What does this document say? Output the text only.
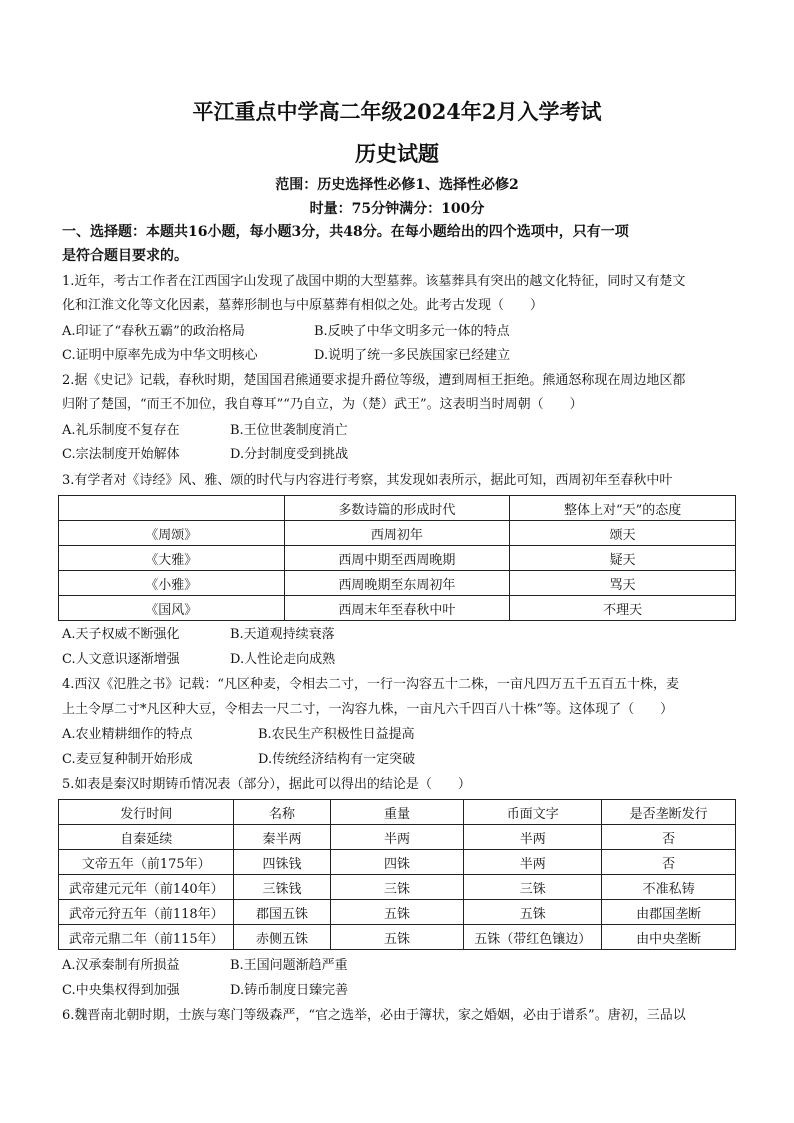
平江重点中学高二年级2024年2月入学考试
历史试题
范围：历史选择性必修1、选择性必修2
时量：75分钟满分：100分
一、选择题：本题共16小题，每小题3分，共48分。在每小题给出的四个选项中，只有一项
是符合题目要求的。
1.近年，考古工作者在江西国字山发现了战国中期的大型墓葬。该墓葬具有突出的越文化特征，同时又有楚文
化和江淮文化等文化因素，墓葬形制也与中原墓葬有相似之处。此考古发现（　　）
A.印证了“春秋五霸”的政治格局	B.反映了中华文明多元一体的特点
C.证明中原率先成为中华文明核心	D.说明了统一多民族国家已经建立
2.据《史记》记载，春秋时期，楚国国君熊通要求提升爵位等级，遭到周桓王拒绝。熊通怒称现在周边地区都
归附了楚国，“而王不加位，我自尊耳”“乃自立，为（楚）武王”。这表明当时周朝（　　）
A.礼乐制度不复存在	B.王位世袭制度消亡
C.宗法制度开始解体	D.分封制度受到挑战
3.有学者对《诗经》风、雅、颂的时代与内容进行考察，其发现如表所示，据此可知，西周初年至春秋中叶
	多数诗篇的形成时代	整体上对“天”的态度
《周颂》	西周初年	颂天
《大雅》	西周中期至西周晚期	疑天
《小雅》	西周晚期至东周初年	骂天
《国风》	西周末年至春秋中叶	不理天
A.天子权威不断强化	B.天道观持续衰落
C.人文意识逐渐增强	D.人性论走向成熟
4.西汉《氾胜之书》记载：“凡区种麦，令相去二寸，一行一沟容五十二株，一亩凡四万五千五百五十株，麦
上土令厚二寸*凡区种大豆，令相去一尺二寸，一沟容九株，一亩凡六千四百八十株”等。这体现了（　　）
A.农业精耕细作的特点	B.农民生产积极性日益提高
C.麦豆复种制开始形成	D.传统经济结构有一定突破
5.如表是秦汉时期铸币情况表（部分），据此可以得出的结论是（　　）
发行时间	名称	重量	币面文字	是否垄断发行
自秦延续	秦半两	半两	半两	否
文帝五年（前175年）	四铢钱	四铢	半两	否
武帝建元元年（前140年）	三铢钱	三铢	三铢	不准私铸
武帝元狩五年（前118年）	郡国五铢	五铢	五铢	由郡国垄断
武帝元鼎二年（前115年）	赤侧五铢	五铢	五铢（带红色镶边）	由中央垄断
A.汉承秦制有所损益	B.王国问题渐趋严重
C.中央集权得到加强	D.铸币制度日臻完善
6.魏晋南北朝时期，士族与寒门等级森严，“官之选举，必由于簿状，家之婚姻，必由于谱系”。唐初，三品以
